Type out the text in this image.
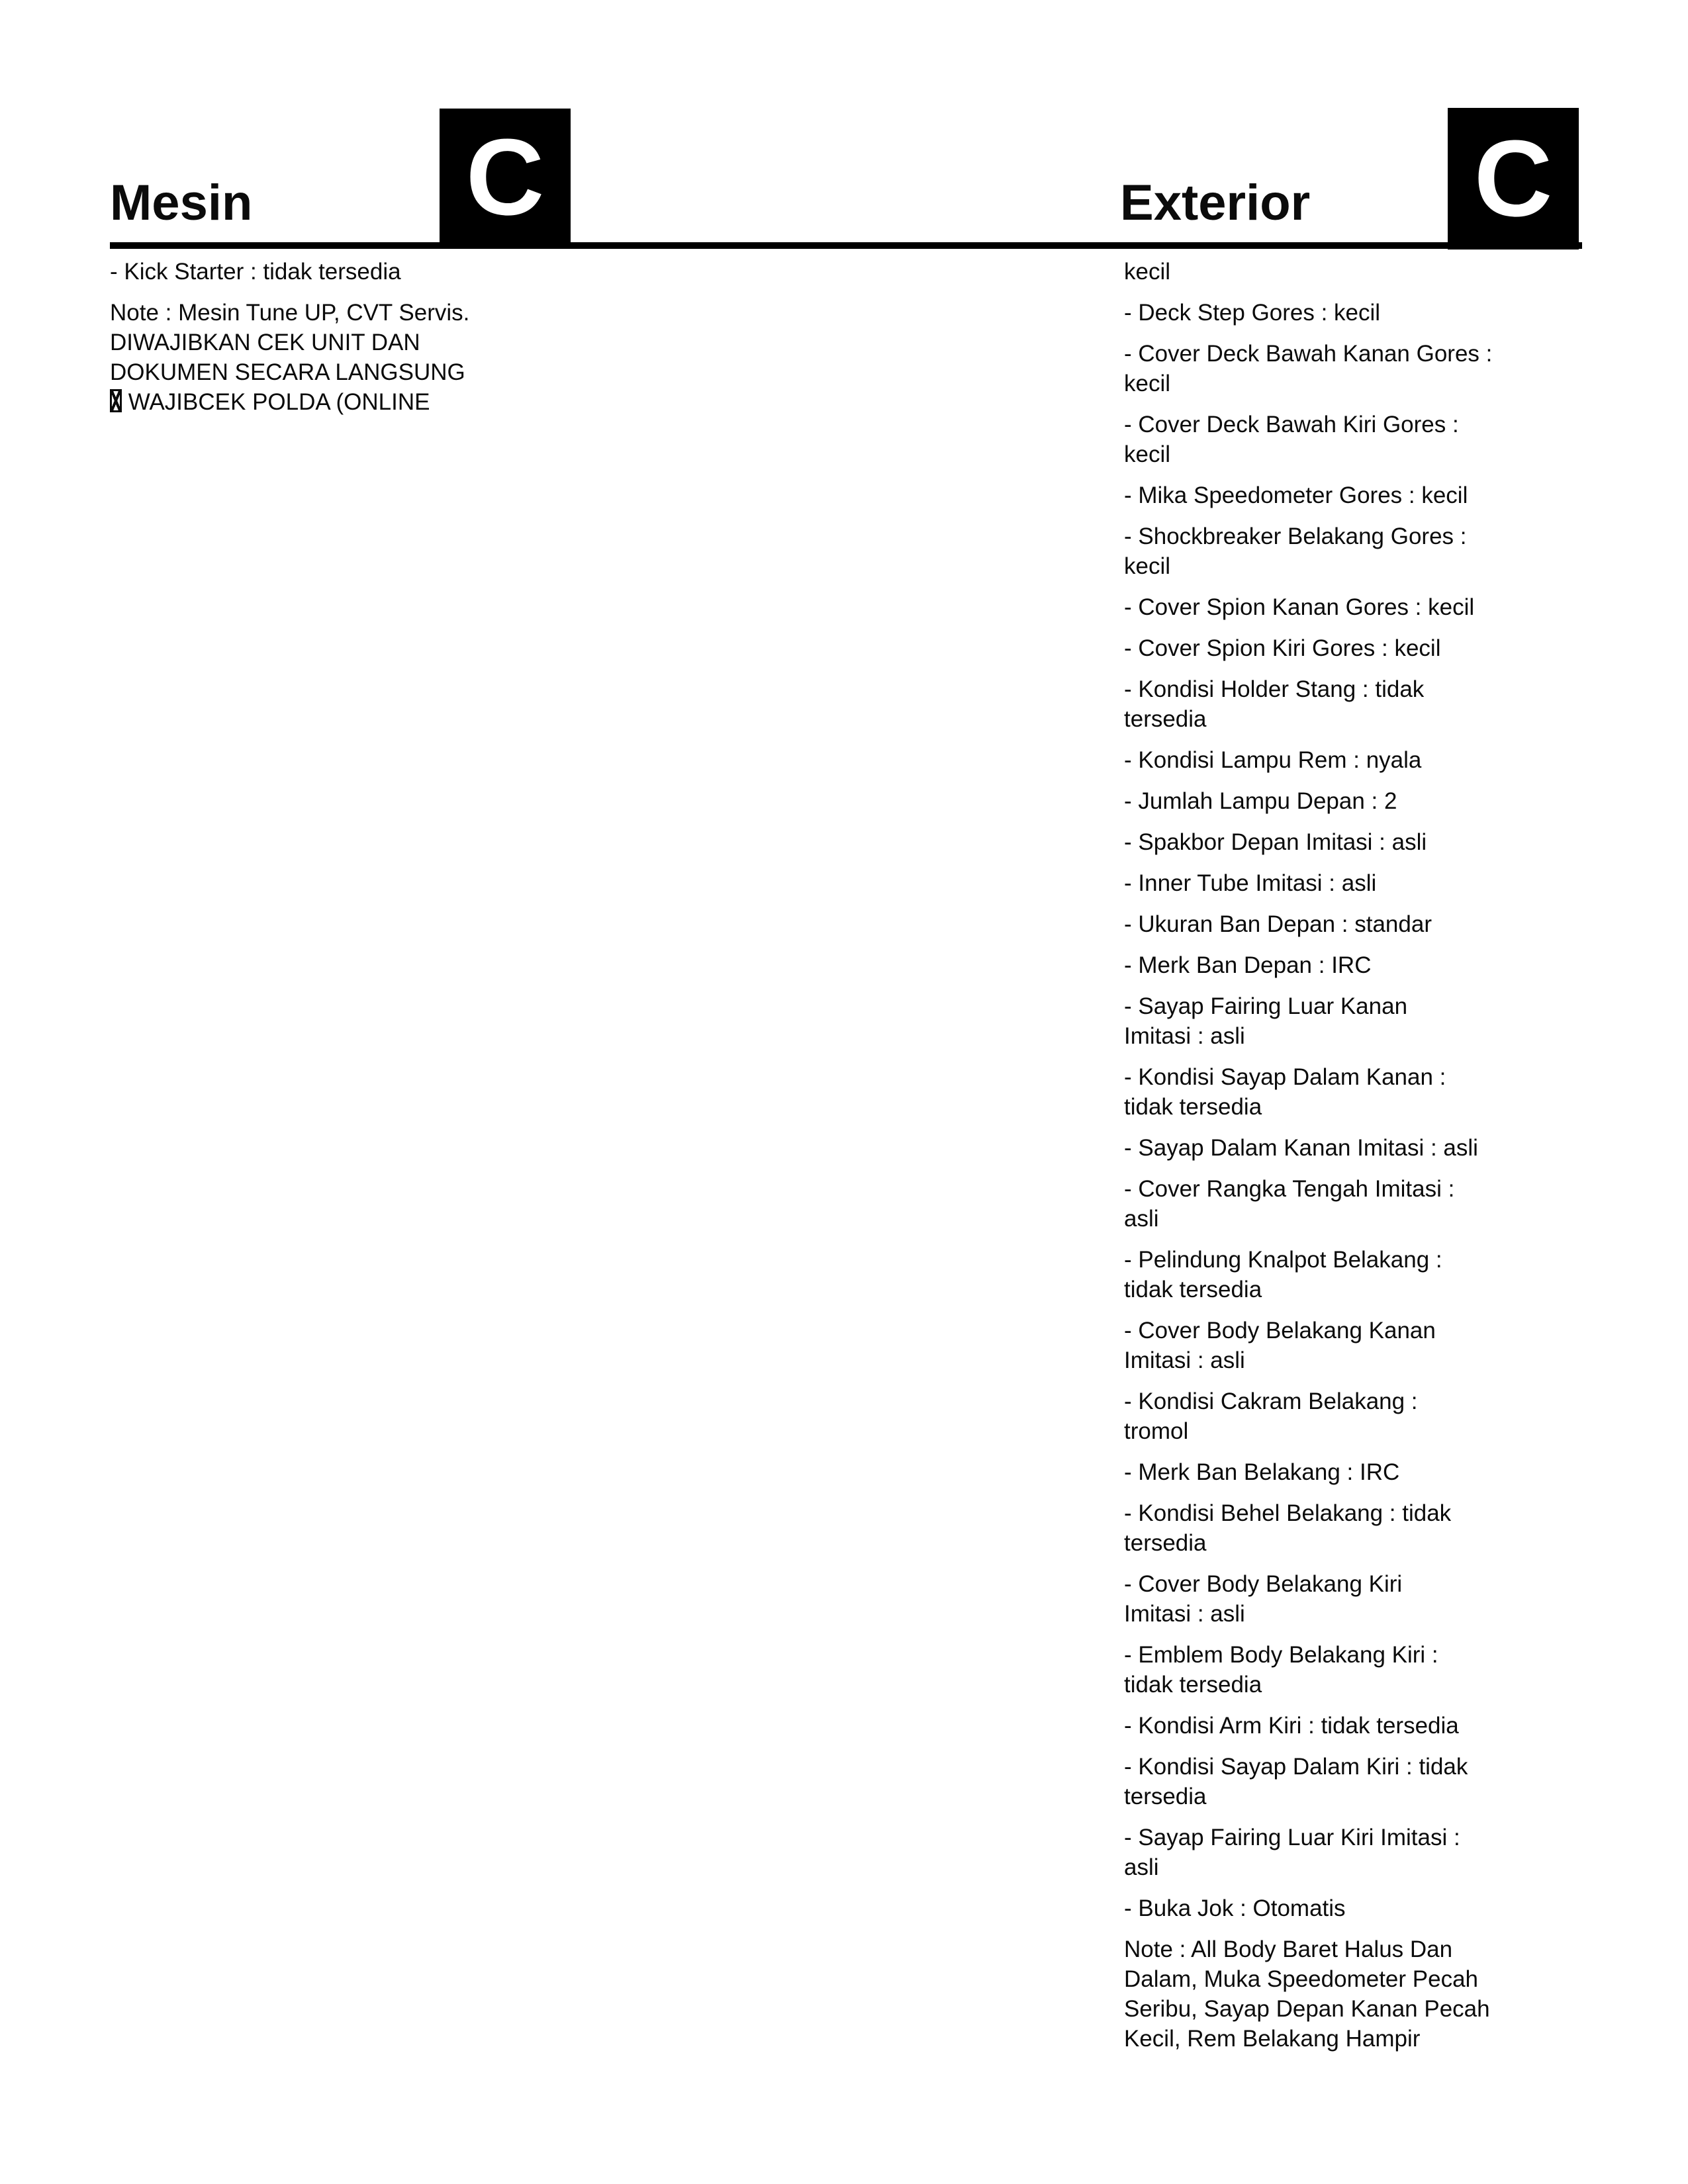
Mesin	Exterior
C	C
- Kick Starter : tidak tersedia
Note : Mesin Tune UP, CVT Servis.
DIWAJIBKAN CEK UNIT DAN
DOKUMEN SECARA LANGSUNG
WAJIBCEK POLDA (ONLINE
kecil
- Deck Step Gores : kecil
- Cover Deck Bawah Kanan Gores :
kecil
- Cover Deck Bawah Kiri Gores :
kecil
- Mika Speedometer Gores : kecil
- Shockbreaker Belakang Gores :
kecil
- Cover Spion Kanan Gores : kecil
- Cover Spion Kiri Gores : kecil
- Kondisi Holder Stang : tidak
tersedia
- Kondisi Lampu Rem : nyala
- Jumlah Lampu Depan : 2
- Spakbor Depan Imitasi : asli
- Inner Tube Imitasi : asli
- Ukuran Ban Depan : standar
- Merk Ban Depan : IRC
- Sayap Fairing Luar Kanan
Imitasi : asli
- Kondisi Sayap Dalam Kanan :
tidak tersedia
- Sayap Dalam Kanan Imitasi : asli
- Cover Rangka Tengah Imitasi :
asli
- Pelindung Knalpot Belakang :
tidak tersedia
- Cover Body Belakang Kanan
Imitasi : asli
- Kondisi Cakram Belakang :
tromol
- Merk Ban Belakang : IRC
- Kondisi Behel Belakang : tidak
tersedia
- Cover Body Belakang Kiri
Imitasi : asli
- Emblem Body Belakang Kiri :
tidak tersedia
- Kondisi Arm Kiri : tidak tersedia
- Kondisi Sayap Dalam Kiri : tidak
tersedia
- Sayap Fairing Luar Kiri Imitasi :
asli
- Buka Jok : Otomatis
Note : All Body Baret Halus Dan
Dalam, Muka Speedometer Pecah
Seribu, Sayap Depan Kanan Pecah
Kecil, Rem Belakang Hampir
